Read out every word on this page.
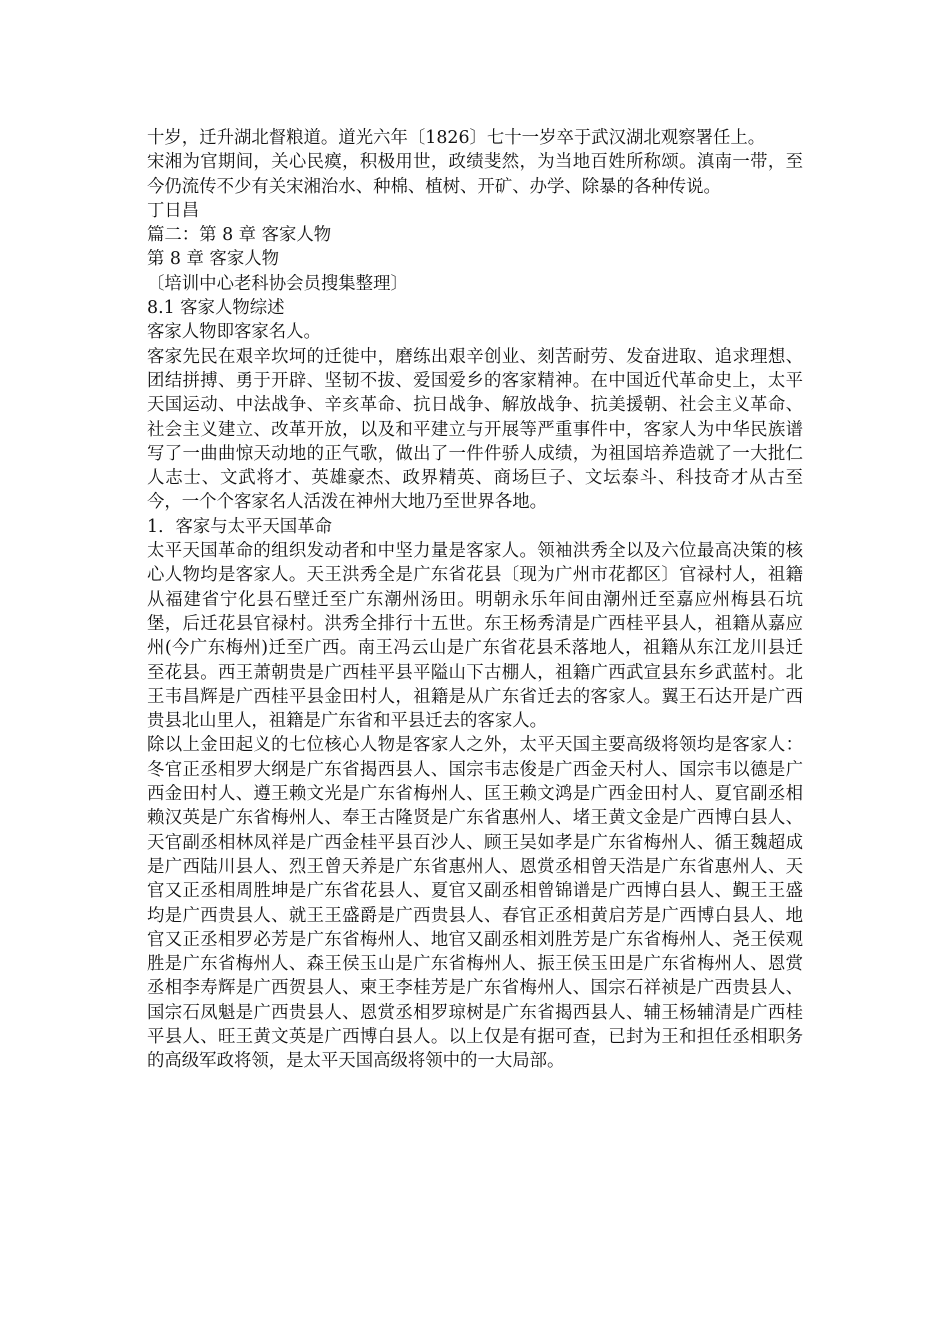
十岁，迁升湖北督粮道。道光六年〔1826〕七十一岁卒于武汉湖北观察署任上。

宋湘为官期间，关心民瘼，积极用世，政绩斐然，为当地百姓所称颂。滇南一带，至今仍流传不少有关宋湘治水、种棉、植树、开矿、办学、除暴的各种传说。

丁日昌

篇二：第 8 章 客家人物

第 8 章 客家人物

〔培训中心老科协会员搜集整理〕

8.1 客家人物综述

客家人物即客家名人。

客家先民在艰辛坎坷的迁徙中，磨练出艰辛创业、刻苦耐劳、发奋进取、追求理想、团结拼搏、勇于开辟、坚韧不拔、爱国爱乡的客家精神。在中国近代革命史上，太平天国运动、中法战争、辛亥革命、抗日战争、解放战争、抗美援朝、社会主义革命、社会主义建立、改革开放，以及和平建立与开展等严重事件中，客家人为中华民族谱写了一曲曲惊天动地的正气歌，做出了一件件骄人成绩，为祖国培养造就了一大批仁人志士、文武将才、英雄豪杰、政界精英、商场巨子、文坛泰斗、科技奇才从古至今，一个个客家名人活泼在神州大地乃至世界各地。

1．客家与太平天国革命

太平天国革命的组织发动者和中坚力量是客家人。领袖洪秀全以及六位最高决策的核心人物均是客家人。天王洪秀全是广东省花县〔现为广州市花都区〕官禄村人，祖籍从福建省宁化县石壁迁至广东潮州汤田。明朝永乐年间由潮州迁至嘉应州梅县石坑堡，后迁花县官禄村。洪秀全排行十五世。东王杨秀清是广西桂平县人，祖籍从嘉应州(今广东梅州)迁至广西。南王冯云山是广东省花县禾落地人，祖籍从东江龙川县迁至花县。西王萧朝贵是广西桂平县平隘山下古棚人，祖籍广西武宣县东乡武蓝村。北王韦昌辉是广西桂平县金田村人，祖籍是从广东省迁去的客家人。翼王石达开是广西贵县北山里人，祖籍是广东省和平县迁去的客家人。

除以上金田起义的七位核心人物是客家人之外，太平天国主要高级将领均是客家人：冬官正丞相罗大纲是广东省揭西县人、国宗韦志俊是广西金天村人、国宗韦以德是广西金田村人、遵王赖文光是广东省梅州人、匡王赖文鸿是广西金田村人、夏官副丞相赖汉英是广东省梅州人、奉王古隆贤是广东省惠州人、堵王黄文金是广西博白县人、天官副丞相林凤祥是广西金桂平县百沙人、顾王吴如孝是广东省梅州人、循王魏超成是广西陆川县人、烈王曾天养是广东省惠州人、恩赏丞相曾天浩是广东省惠州人、天官又正丞相周胜坤是广东省花县人、夏官又副丞相曾锦谱是广西博白县人、覲王王盛均是广西贵县人、就王王盛爵是广西贵县人、春官正丞相黄启芳是广西博白县人、地官又正丞相罗必芳是广东省梅州人、地官又副丞相刘胜芳是广东省梅州人、尧王侯观胜是广东省梅州人、森王侯玉山是广东省梅州人、振王侯玉田是广东省梅州人、恩赏丞相李寿辉是广西贺县人、柬王李桂芳是广东省梅州人、国宗石祥祯是广西贵县人、国宗石凤魁是广西贵县人、恩赏丞相罗琼树是广东省揭西县人、辅王杨辅清是广西桂平县人、旺王黄文英是广西博白县人。以上仅是有据可查，已封为王和担任丞相职务的高级军政将领，是太平天国高级将领中的一大局部。
